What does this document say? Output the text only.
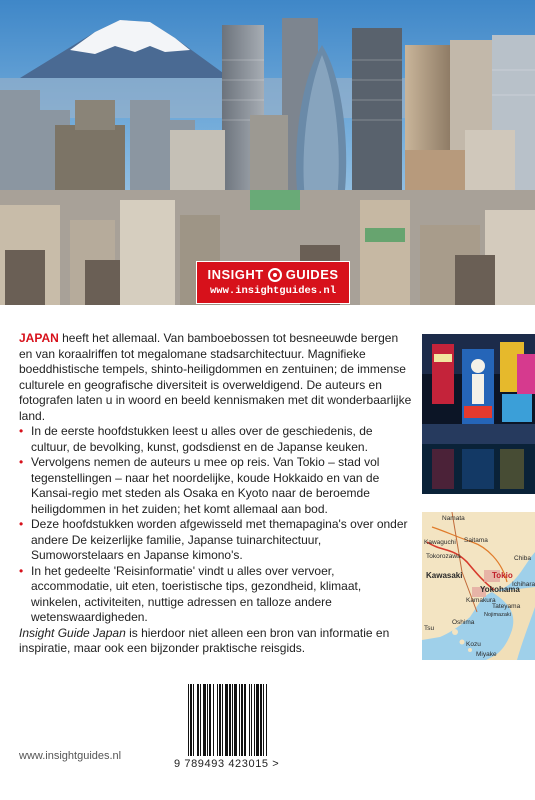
INSIGHT GUIDES
www.insightguides.nl

JAPAN heeft het allemaal. Van bamboebossen tot besneeuwde bergen en van koraalriffen tot megalomane stadsarchitectuur. Magnifieke boeddhistische tempels, shinto-heiligdommen en zentuinen; de immense culturele en geografische diversiteit is overweldigend. De auteurs en fotografen laten u in woord en beeld kennismaken met dit wonderbaarlijke land.

• In de eerste hoofdstukken leest u alles over de geschiedenis, de cultuur, de bevolking, kunst, godsdienst en de Japanse keuken.
• Vervolgens nemen de auteurs u mee op reis. Van Tokio – stad vol tegenstellingen – naar het noordelijke, koude Hokkaido en van de Kansai-regio met steden als Osaka en Kyoto naar de beroemde heiligdommen in het zuiden; het komt allemaal aan bod.
• Deze hoofdstukken worden afgewisseld met themapagina's over onder andere De keizerlijke familie, Japanse tuinarchitectuur, Sumoworstelaars en Japanse kimono's.
• In het gedeelte 'Reisinformatie' vindt u alles over vervoer, accommodatie, uit eten, toeristische tips, gezondheid, klimaat, winkelen, activiteiten, nuttige adressen en talloze andere wetenswaardigheden.

Insight Guide Japan is hierdoor niet alleen een bron van informatie en inspiratie, maar ook een bijzonder praktische reisgids.

Namata
Kawaguchi Saitama
Tokorozawa
Kawasaki
Yokohama
Kamakura
Tokio
Tateyama
Chiba
Ichihara
Nojimazaki
Miyake
Oshima
Tsu
Kozu
9 789493 423015 >
www.insightguides.nl
